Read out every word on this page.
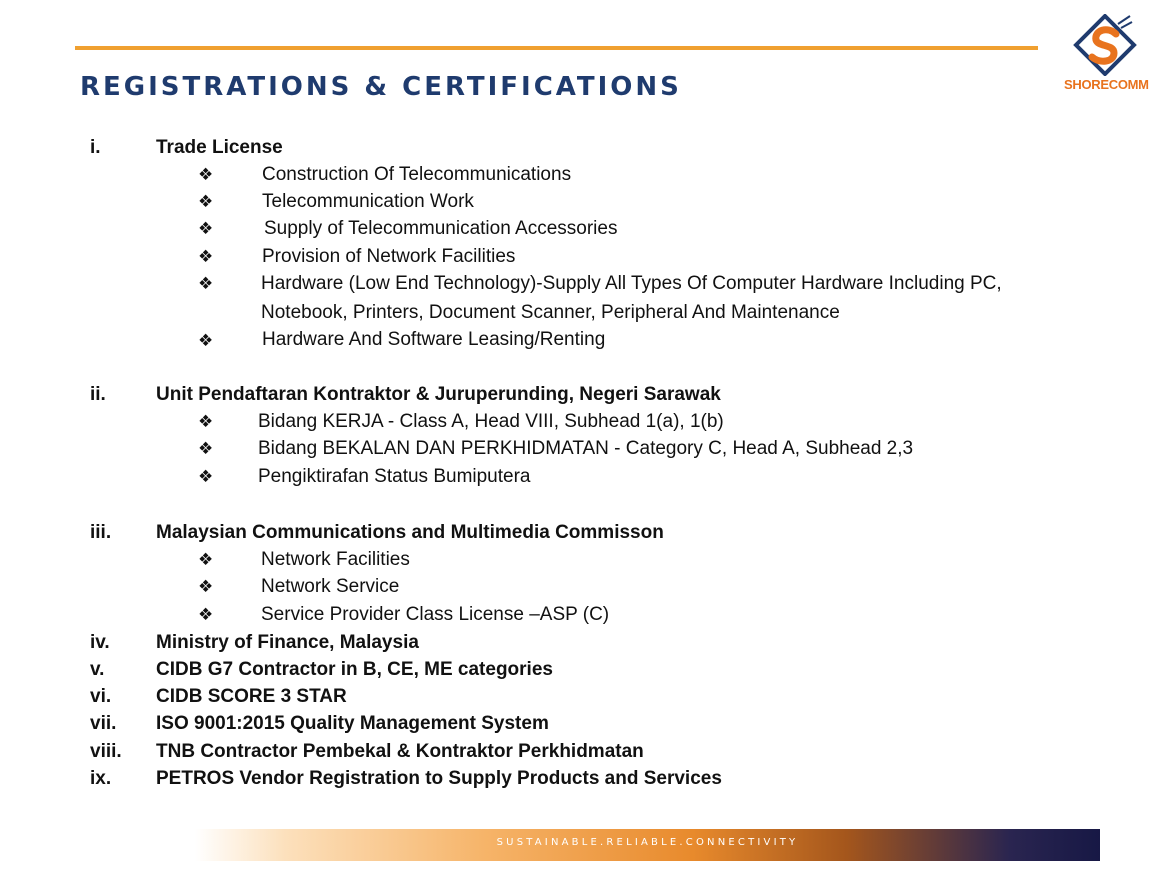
SHORECOMM
REGISTRATIONS & CERTIFICATIONS
i.	Trade License
❖	Construction Of Telecommunications
❖	Telecommunication Work
❖	Supply of Telecommunication Accessories
❖	Provision of Network Facilities
❖	Hardware (Low End Technology)-Supply All Types Of Computer Hardware Including PC,
Notebook, Printers, Document Scanner, Peripheral And Maintenance
❖	Hardware And Software Leasing/Renting
ii.	Unit Pendaftaran Kontraktor & Juruperunding, Negeri Sarawak
❖ Bidang KERJA - Class A, Head VIII, Subhead 1(a), 1(b)
❖ Bidang BEKALAN DAN PERKHIDMATAN - Category C, Head A, Subhead 2,3
❖ Pengiktirafan Status Bumiputera
iii. Malaysian Communications and Multimedia Commisson
❖	Network Facilities
❖	Network Service
❖	Service Provider Class License –ASP (C)
iv. Ministry of Finance, Malaysia
v.	CIDB G7 Contractor in B, CE, ME categories
vi. CIDB SCORE 3 STAR
vii. ISO 9001:2015 Quality Management System
viii. TNB Contractor Pembekal & Kontraktor Perkhidmatan
ix. PETROS Vendor Registration to Supply Products and Services
SUSTAINABLE.RELIABLE.CONNECTIVITY
